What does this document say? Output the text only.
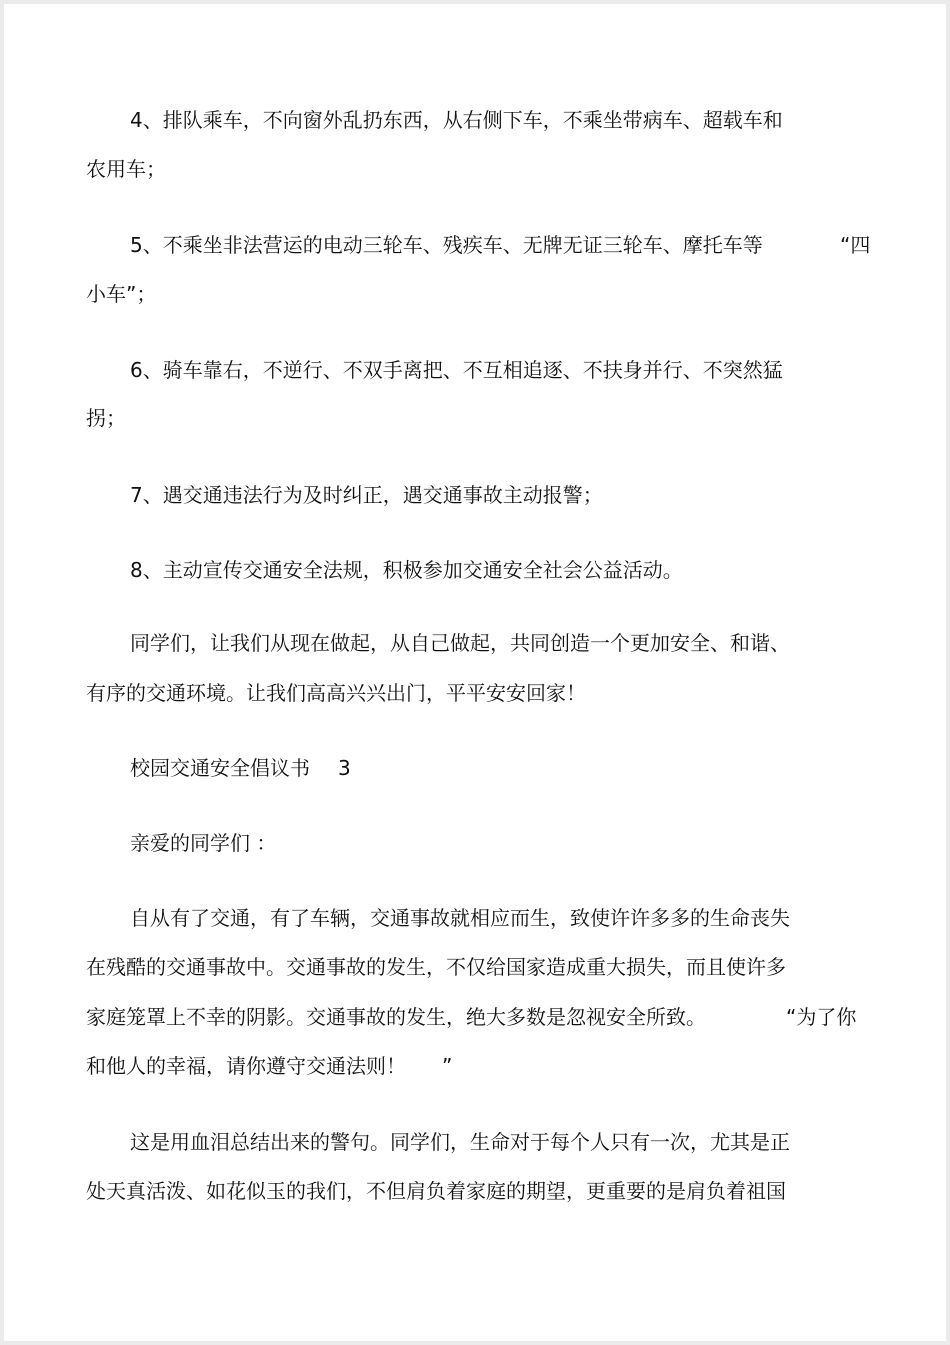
4、排队乘车，不向窗外乱扔东西，从右侧下车，不乘坐带病车、超载车和
农用车；
5、不乘坐非法营运的电动三轮车、残疾车、无牌无证三轮车、摩托车等	“四
小车”；
6、骑车靠右，不逆行、不双手离把、不互相追逐、不扶身并行、不突然猛
拐；
7、遇交通违法行为及时纠正，遇交通事故主动报警；
8、主动宣传交通安全法规，积极参加交通安全社会公益活动。
同学们，让我们从现在做起，从自己做起，共同创造一个更加安全、和谐、
有序的交通环境。让我们高高兴兴出门，平平安安回家！
校园交通安全倡议书 3
亲爱的同学们 ：
自从有了交通，有了车辆，交通事故就相应而生，致使许许多多的生命丧失
在残酷的交通事故中。交通事故的发生，不仅给国家造成重大损失，而且使许多
家庭笼罩上不幸的阴影。交通事故的发生，绝大多数是忽视安全所致。	“为了你
和他人的幸福，请你遵守交通法则！ ”
这是用血泪总结出来的警句。同学们，生命对于每个人只有一次，尤其是正
处天真活泼、如花似玉的我们，不但肩负着家庭的期望，更重要的是肩负着祖国
